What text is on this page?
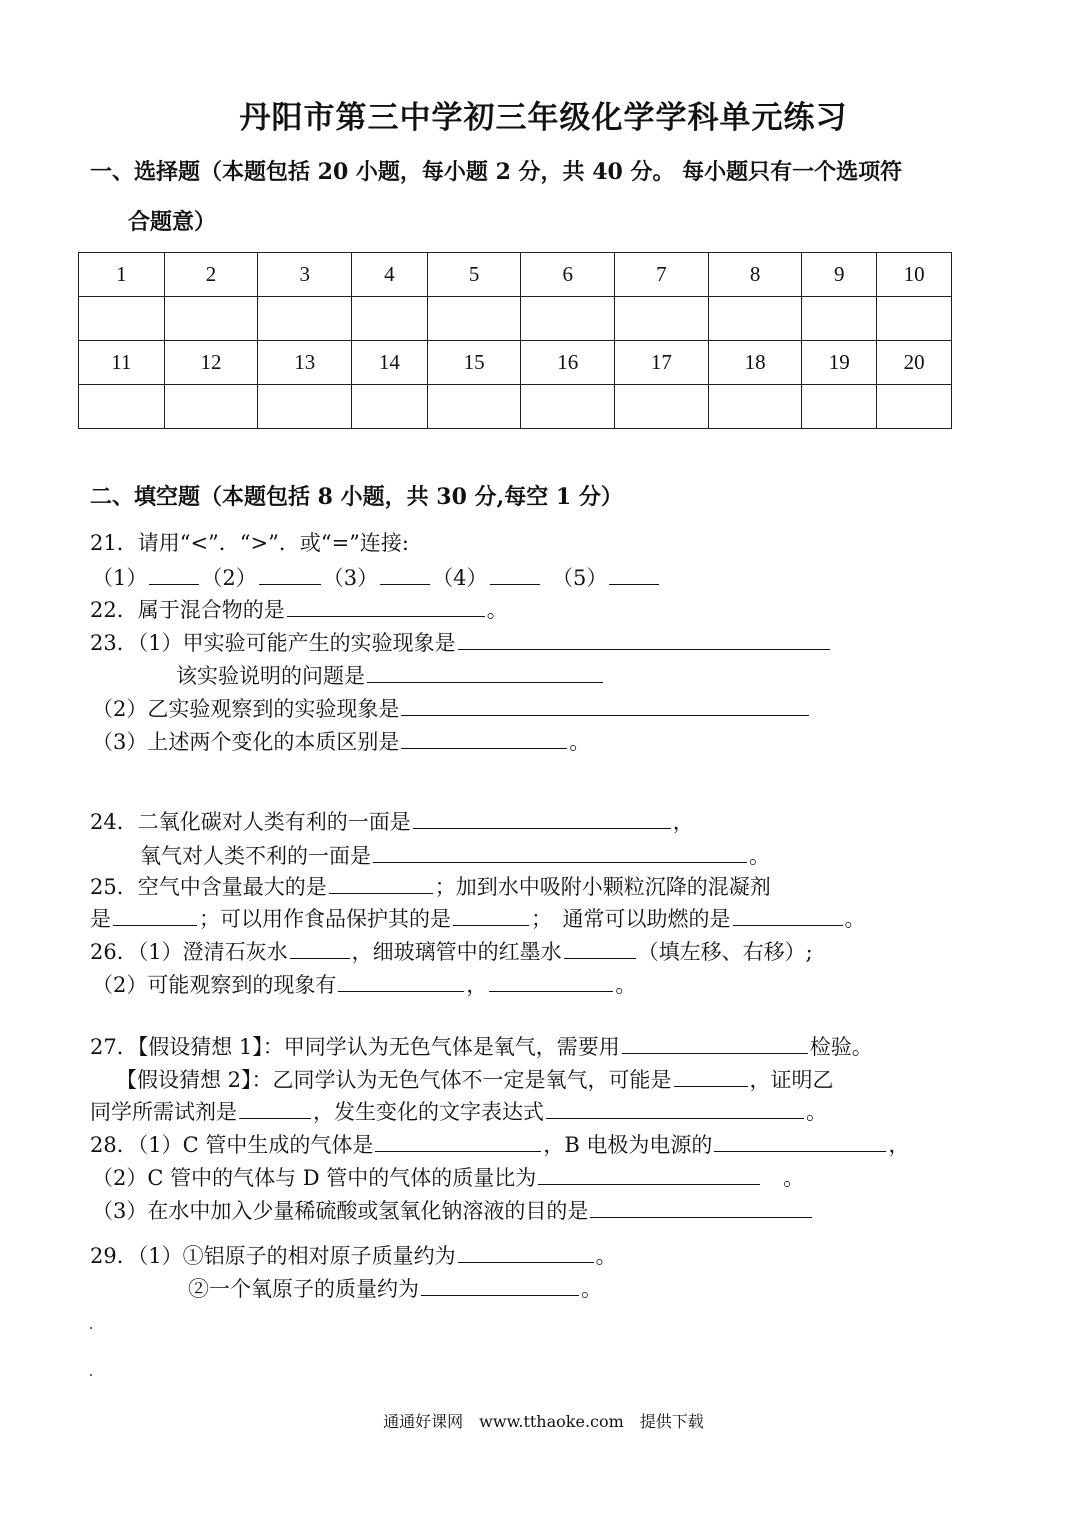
丹阳市第三中学初三年级化学学科单元练习
一、选择题（本题包括 20 小题，每小题 2 分，共 40 分。 每小题只有一个选项符
合题意）
1	2	3	4	5	6	7	8	9	10

11	12	13	14	15	16	17	18	19	20

二、填空题（本题包括 8 小题，共 30 分,每空 1 分）
21．请用“<”．“>”．或“=”连接:
（1）	（2）	（3）	（4）　	（5）
22．属于混合物的是	。
23．（1）甲实验可能产生的实验现象是
该实验说明的问题是
（2）乙实验观察到的实验现象是
（3）上述两个变化的本质区别是	。
24．二氧化碳对人类有利的一面是	，
氧气对人类不利的一面是	。
25．空气中含量最大的是	；加到水中吸附小颗粒沉降的混凝剂
是	；可以用作食品保护其的是	；　通常可以助燃的是	。
26．（1）澄清石灰水	，细玻璃管中的红墨水	（填左移、右移）;
（2）可能观察到的现象有	，	。
27．【假设猜想 1】：甲同学认为无色气体是氧气，需要用	检验。
【假设猜想 2】：乙同学认为无色气体不一定是氧气，可能是	，证明乙
同学所需试剂是	，发生变化的文字表达式	。
28．（1）C 管中生成的气体是	，B 电极为电源的	，
（2）C 管中的气体与 D 管中的气体的质量比为　	。
（3）在水中加入少量稀硫酸或氢氧化钠溶液的目的是
29．（1）①铝原子的相对原子质量约为	。
②一个氧原子的质量约为	。
通通好课网　www.tthaoke.com　提供下载
